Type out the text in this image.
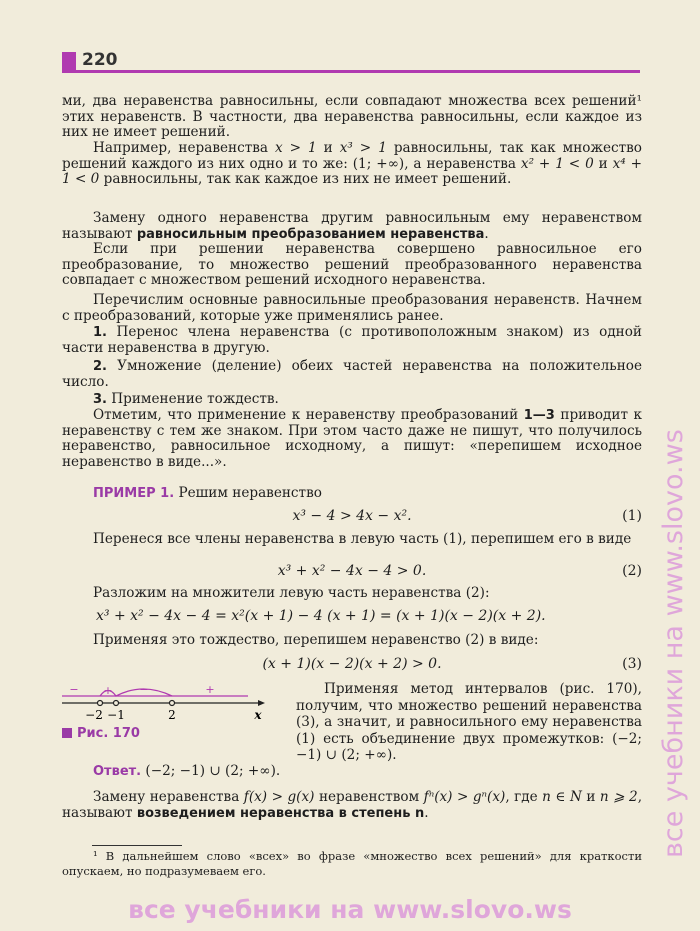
220

ми, два неравенства равносильны, если совпадают множества всех решений¹ этих неравенств. В частности, два неравенства равносильны, если каждое из них не имеет решений.

Например, неравенства x > 1 и x³ > 1 равносильны, так как множество решений каждого из них одно и то же: (1; +∞), а неравенства x² + 1 < 0 и x⁴ + 1 < 0 равносильны, так как каждое из них не имеет решений.

Замену одного неравенства другим равносильным ему неравенством называют равносильным преобразованием неравенства.

Если при решении неравенства совершено равносильное его преобразование, то множество решений преобразованного неравенства совпадает с множеством решений исходного неравенства.

Перечислим основные равносильные преобразования неравенств. Начнем с преобразований, которые уже применялись ранее.

1. Перенос члена неравенства (с противоположным знаком) из одной части неравенства в другую.

2. Умножение (деление) обеих частей неравенства на положительное число.

3. Применение тождеств.

Отметим, что применение к неравенству преобразований 1—3 приводит к неравенству с тем же знаком. При этом часто даже не пишут, что получилось неравенство, равносильное исходному, а пишут: «перепишем исходное неравенство в виде...».

ПРИМЕР 1. Решим неравенство

x³ − 4 > 4x − x².	(1)

Перенеся все члены неравенства в левую часть (1), перепишем его в виде

x³ + x² − 4x − 4 > 0.	(2)

Разложим на множители левую часть неравенства (2):

x³ + x² − 4x − 4 = x²(x + 1) − 4 (x + 1) = (x + 1)(x − 2)(x + 2).

Применяя это тождество, перепишем неравенство (2) в виде:

(x + 1)(x − 2)(x + 2) > 0.	(3)
− + −	+
−2 −1	2	x
Рис. 170

Применяя метод интервалов (рис. 170), получим, что множество решений неравенства (3), а значит, и равносильного ему неравенства (1) есть объединение двух промежутков: (−2; −1) ∪ (2; +∞).

Ответ. (−2; −1) ∪ (2; +∞).

Замену неравенства f(x) > g(x) неравенством fⁿ(x) > gⁿ(x), где n ∈ N и n ⩾ 2, называют возведением неравенства в степень n.

¹ В дальнейшем слово «всех» во фразе «множество всех решений» для краткости опускаем, но подразумеваем его.

все учебники на www.slovo.ws
все учебники на www.slovo.ws
